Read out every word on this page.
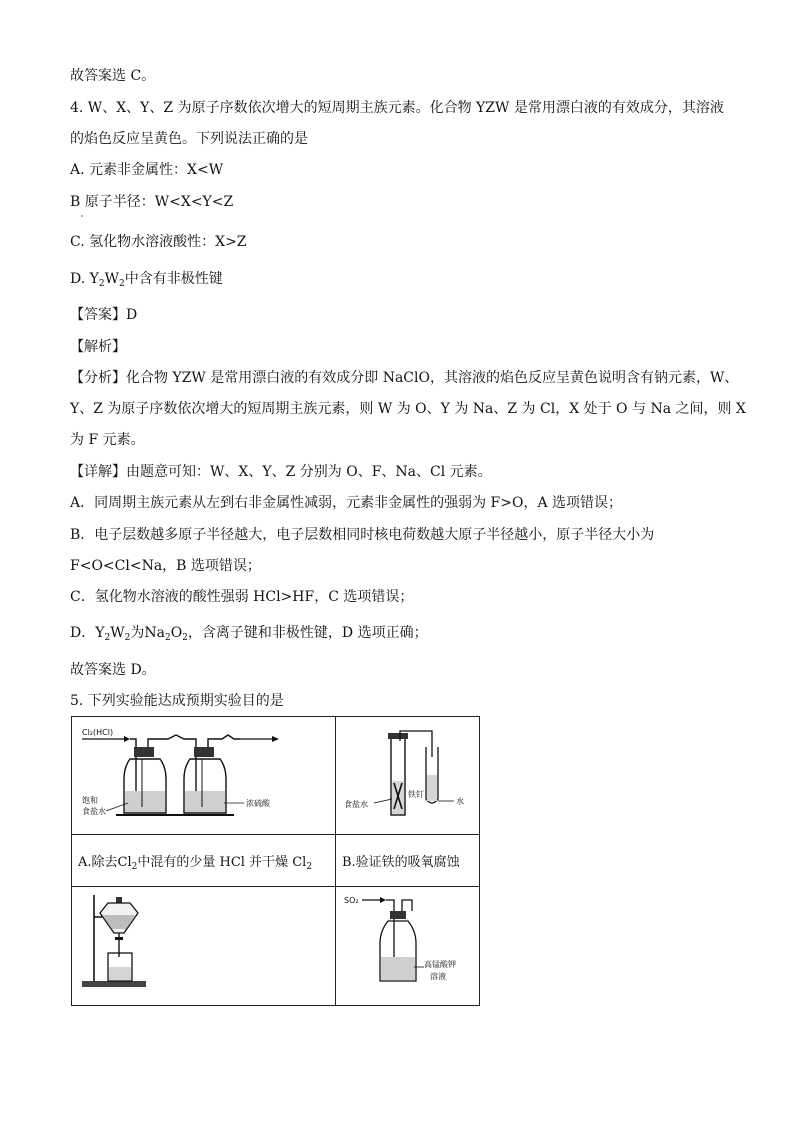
故答案选 C。
4. W、X、Y、Z 为原子序数依次增大的短周期主族元素。化合物 YZW 是常用漂白液的有效成分，其溶液
的焰色反应呈黄色。下列说法正确的是
A. 元素非金属性：X<W
B 原子半径：W<X<Y<Z
C. 氢化物水溶液酸性：X>Z
D. $Y_2W_2$中含有非极性键
【答案】D
【解析】
【分析】化合物 YZW 是常用漂白液的有效成分即 NaClO，其溶液的焰色反应呈黄色说明含有钠元素，W、
Y、Z 为原子序数依次增大的短周期主族元素，则 W 为 O、Y 为 Na、Z 为 Cl，X 处于 O 与 Na 之间，则 X
为 F 元素。
【详解】由题意可知：W、X、Y、Z 分别为 O、F、Na、Cl 元素。
A．同周期主族元素从左到右非金属性减弱，元素非金属性的强弱为 F>O，A 选项错误；
B．电子层数越多原子半径越大，电子层数相同时核电荷数越大原子半径越小，原子半径大小为
F<O<Cl<Na，B 选项错误；
C．氢化物水溶液的酸性强弱 HCl>HF，C 选项错误；
D．$Y_2W_2$为$Na_2O_2$，含离子键和非极性键，D 选项正确；
故答案选 D。
5. 下列实验能达成预期实验目的是
Cl₂(HCl)
饱和
食盐水
浓硫酸	食盐水
铁钉
水

A.除去$Cl_2$中混有的少量 HCl 并干燥 $Cl_2$	B.验证铁的吸氧腐蚀

SO₂
高锰酸钾
溶液
